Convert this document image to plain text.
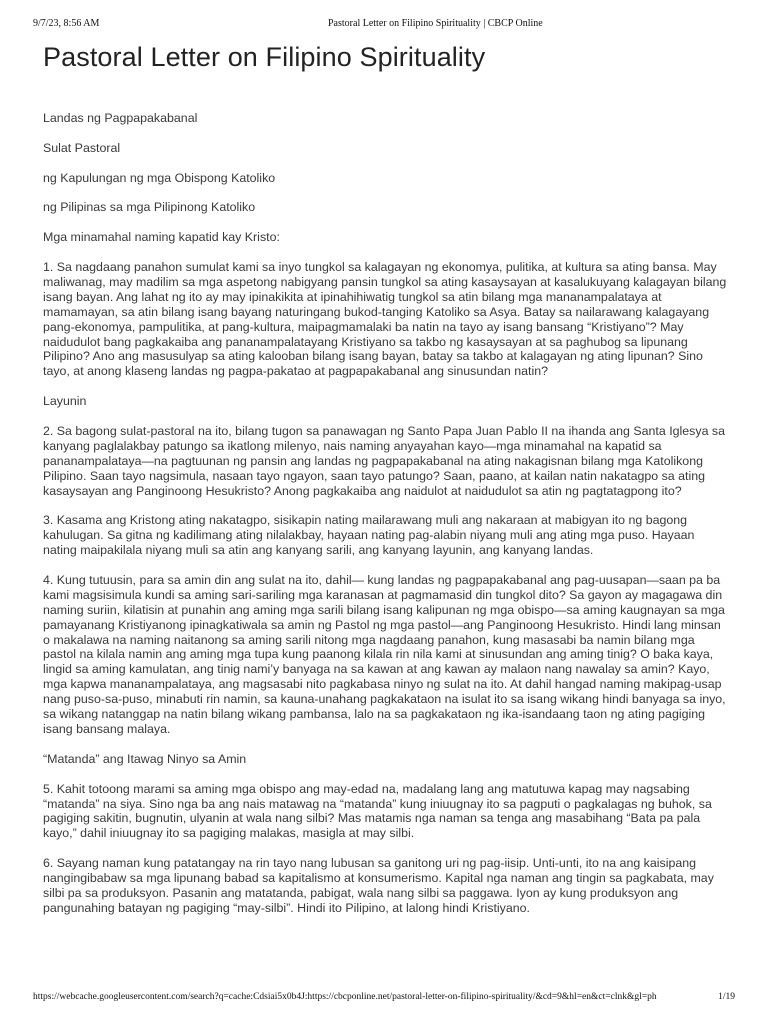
9/7/23, 8:56 AM	Pastoral Letter on Filipino Spirituality | CBCP Online
Pastoral Letter on Filipino Spirituality

Landas ng Pagpapakabanal

Sulat Pastoral

ng Kapulungan ng mga Obispong Katoliko

ng Pilipinas sa mga Pilipinong Katoliko

Mga minamahal naming kapatid kay Kristo:

1. Sa nagdaang panahon sumulat kami sa inyo tungkol sa kalagayan ng ekonomya, pulitika, at kultura sa ating bansa. May maliwanag, may madilim sa mga aspetong nabigyang pansin tungkol sa ating kasaysayan at kasalukuyang kalagayan bilang isang bayan. Ang lahat ng ito ay may ipinakikita at ipinahihiwatig tungkol sa atin bilang mga mananampalataya at mamamayan, sa atin bilang isang bayang naturingang bukod-tanging Katoliko sa Asya. Batay sa nailarawang kalagayang pang-ekonomya, pampulitika, at pang-kultura, maipagmamalaki ba natin na tayo ay isang bansang “Kristiyano”? May naidudulot bang pagkakaiba ang pananampalatayang Kristiyano sa takbo ng kasaysayan at sa paghubog sa lipunang Pilipino? Ano ang masusulyap sa ating kalooban bilang isang bayan, batay sa takbo at kalagayan ng ating lipunan? Sino tayo, at anong klaseng landas ng pagpa-pakatao at pagpapakabanal ang sinusundan natin?

Layunin

2. Sa bagong sulat-pastoral na ito, bilang tugon sa panawagan ng Santo Papa Juan Pablo II na ihanda ang Santa Iglesya sa kanyang paglalakbay patungo sa ikatlong milenyo, nais naming anyayahan kayo—mga minamahal na kapatid sa pananampalataya—na pagtuunan ng pansin ang landas ng pagpapakabanal na ating nakagisnan bilang mga Katolikong Pilipino. Saan tayo nagsimula, nasaan tayo ngayon, saan tayo patungo? Saan, paano, at kailan natin nakatagpo sa ating kasaysayan ang Panginoong Hesukristo? Anong pagkakaiba ang naidulot at naidudulot sa atin ng pagtatagpong ito?

3. Kasama ang Kristong ating nakatagpo, sisikapin nating mailarawang muli ang nakaraan at mabigyan ito ng bagong kahulugan. Sa gitna ng kadilimang ating nilalakbay, hayaan nating pag-alabin niyang muli ang ating mga puso. Hayaan nating maipakilala niyang muli sa atin ang kanyang sarili, ang kanyang layunin, ang kanyang landas.

4. Kung tutuusin, para sa amin din ang sulat na ito, dahil— kung landas ng pagpapakabanal ang pag-uusapan—saan pa ba kami magsisimula kundi sa aming sari-sariling mga karanasan at pagmamasid din tungkol dito? Sa gayon ay magagawa din naming suriin, kilatisin at punahin ang aming mga sarili bilang isang kalipunan ng mga obispo—sa aming kaugnayan sa mga pamayanang Kristiyanong ipinagkatiwala sa amin ng Pastol ng mga pastol—ang Panginoong Hesukristo. Hindi lang minsan o makalawa na naming naitanong sa aming sarili nitong mga nagdaang panahon, kung masasabi ba namin bilang mga pastol na kilala namin ang aming mga tupa kung paanong kilala rin nila kami at sinusundan ang aming tinig? O baka kaya, lingid sa aming kamulatan, ang tinig nami’y banyaga na sa kawan at ang kawan ay malaon nang nawalay sa amin? Kayo, mga kapwa mananampalataya, ang magsasabi nito pagkabasa ninyo ng sulat na ito. At dahil hangad naming makipag-usap nang puso-sa-puso, minabuti rin namin, sa kauna-unahang pagkakataon na isulat ito sa isang wikang hindi banyaga sa inyo, sa wikang natanggap na natin bilang wikang pambansa, lalo na sa pagkakataon ng ika-isandaang taon ng ating pagiging isang bansang malaya.

“Matanda” ang Itawag Ninyo sa Amin

5. Kahit totoong marami sa aming mga obispo ang may-edad na, madalang lang ang matutuwa kapag may nagsabing “matanda” na siya. Sino nga ba ang nais matawag na “matanda” kung iniuugnay ito sa pagputi o pagkalagas ng buhok, sa pagiging sakitin, bugnutin, ulyanin at wala nang silbi? Mas matamis nga naman sa tenga ang masabihang “Bata pa pala kayo,” dahil iniuugnay ito sa pagiging malakas, masigla at may silbi.

6. Sayang naman kung patatangay na rin tayo nang lubusan sa ganitong uri ng pag-iisip. Unti-unti, ito na ang kaisipang nangingibabaw sa mga lipunang babad sa kapitalismo at konsumerismo. Kapital nga naman ang tingin sa pagkabata, may silbi pa sa produksyon. Pasanin ang matatanda, pabigat, wala nang silbi sa paggawa. Iyon ay kung produksyon ang pangunahing batayan ng pagiging “may-silbi”. Hindi ito Pilipino, at lalong hindi Kristiyano.

https://webcache.googleusercontent.com/search?q=cache:Cdsiai5x0b4J:https://cbcponline.net/pastoral-letter-on-filipino-spirituality/&cd=9&hl=en&ct=clnk&gl=ph	1/19
